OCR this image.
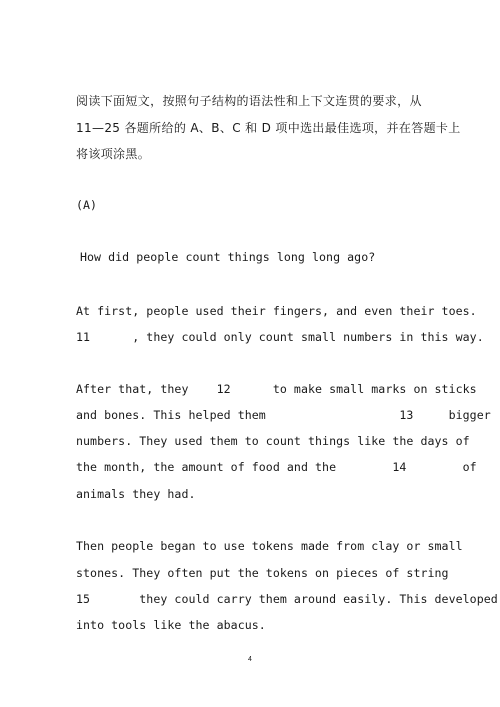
阅读下面短文，按照句子结构的语法性和上下文连贯的要求，从

11—25 各题所给的 A、B、C 和 D 项中选出最佳选项，并在答题卡上

将该项涂黑。

(A)

How did people count things long long ago?

At first, people used their fingers, and even their toes.

11      , they could only count small numbers in this way.

After that, they    12      to make small marks on sticks

and bones. This helped them                   13     bigger

numbers. They used them to count things like the days of

the month, the amount of food and the        14        of

animals they had.

Then people began to use tokens made from clay or small

stones. They often put the tokens on pieces of string

15       they could carry them around easily. This developed

into tools like the abacus.

4
